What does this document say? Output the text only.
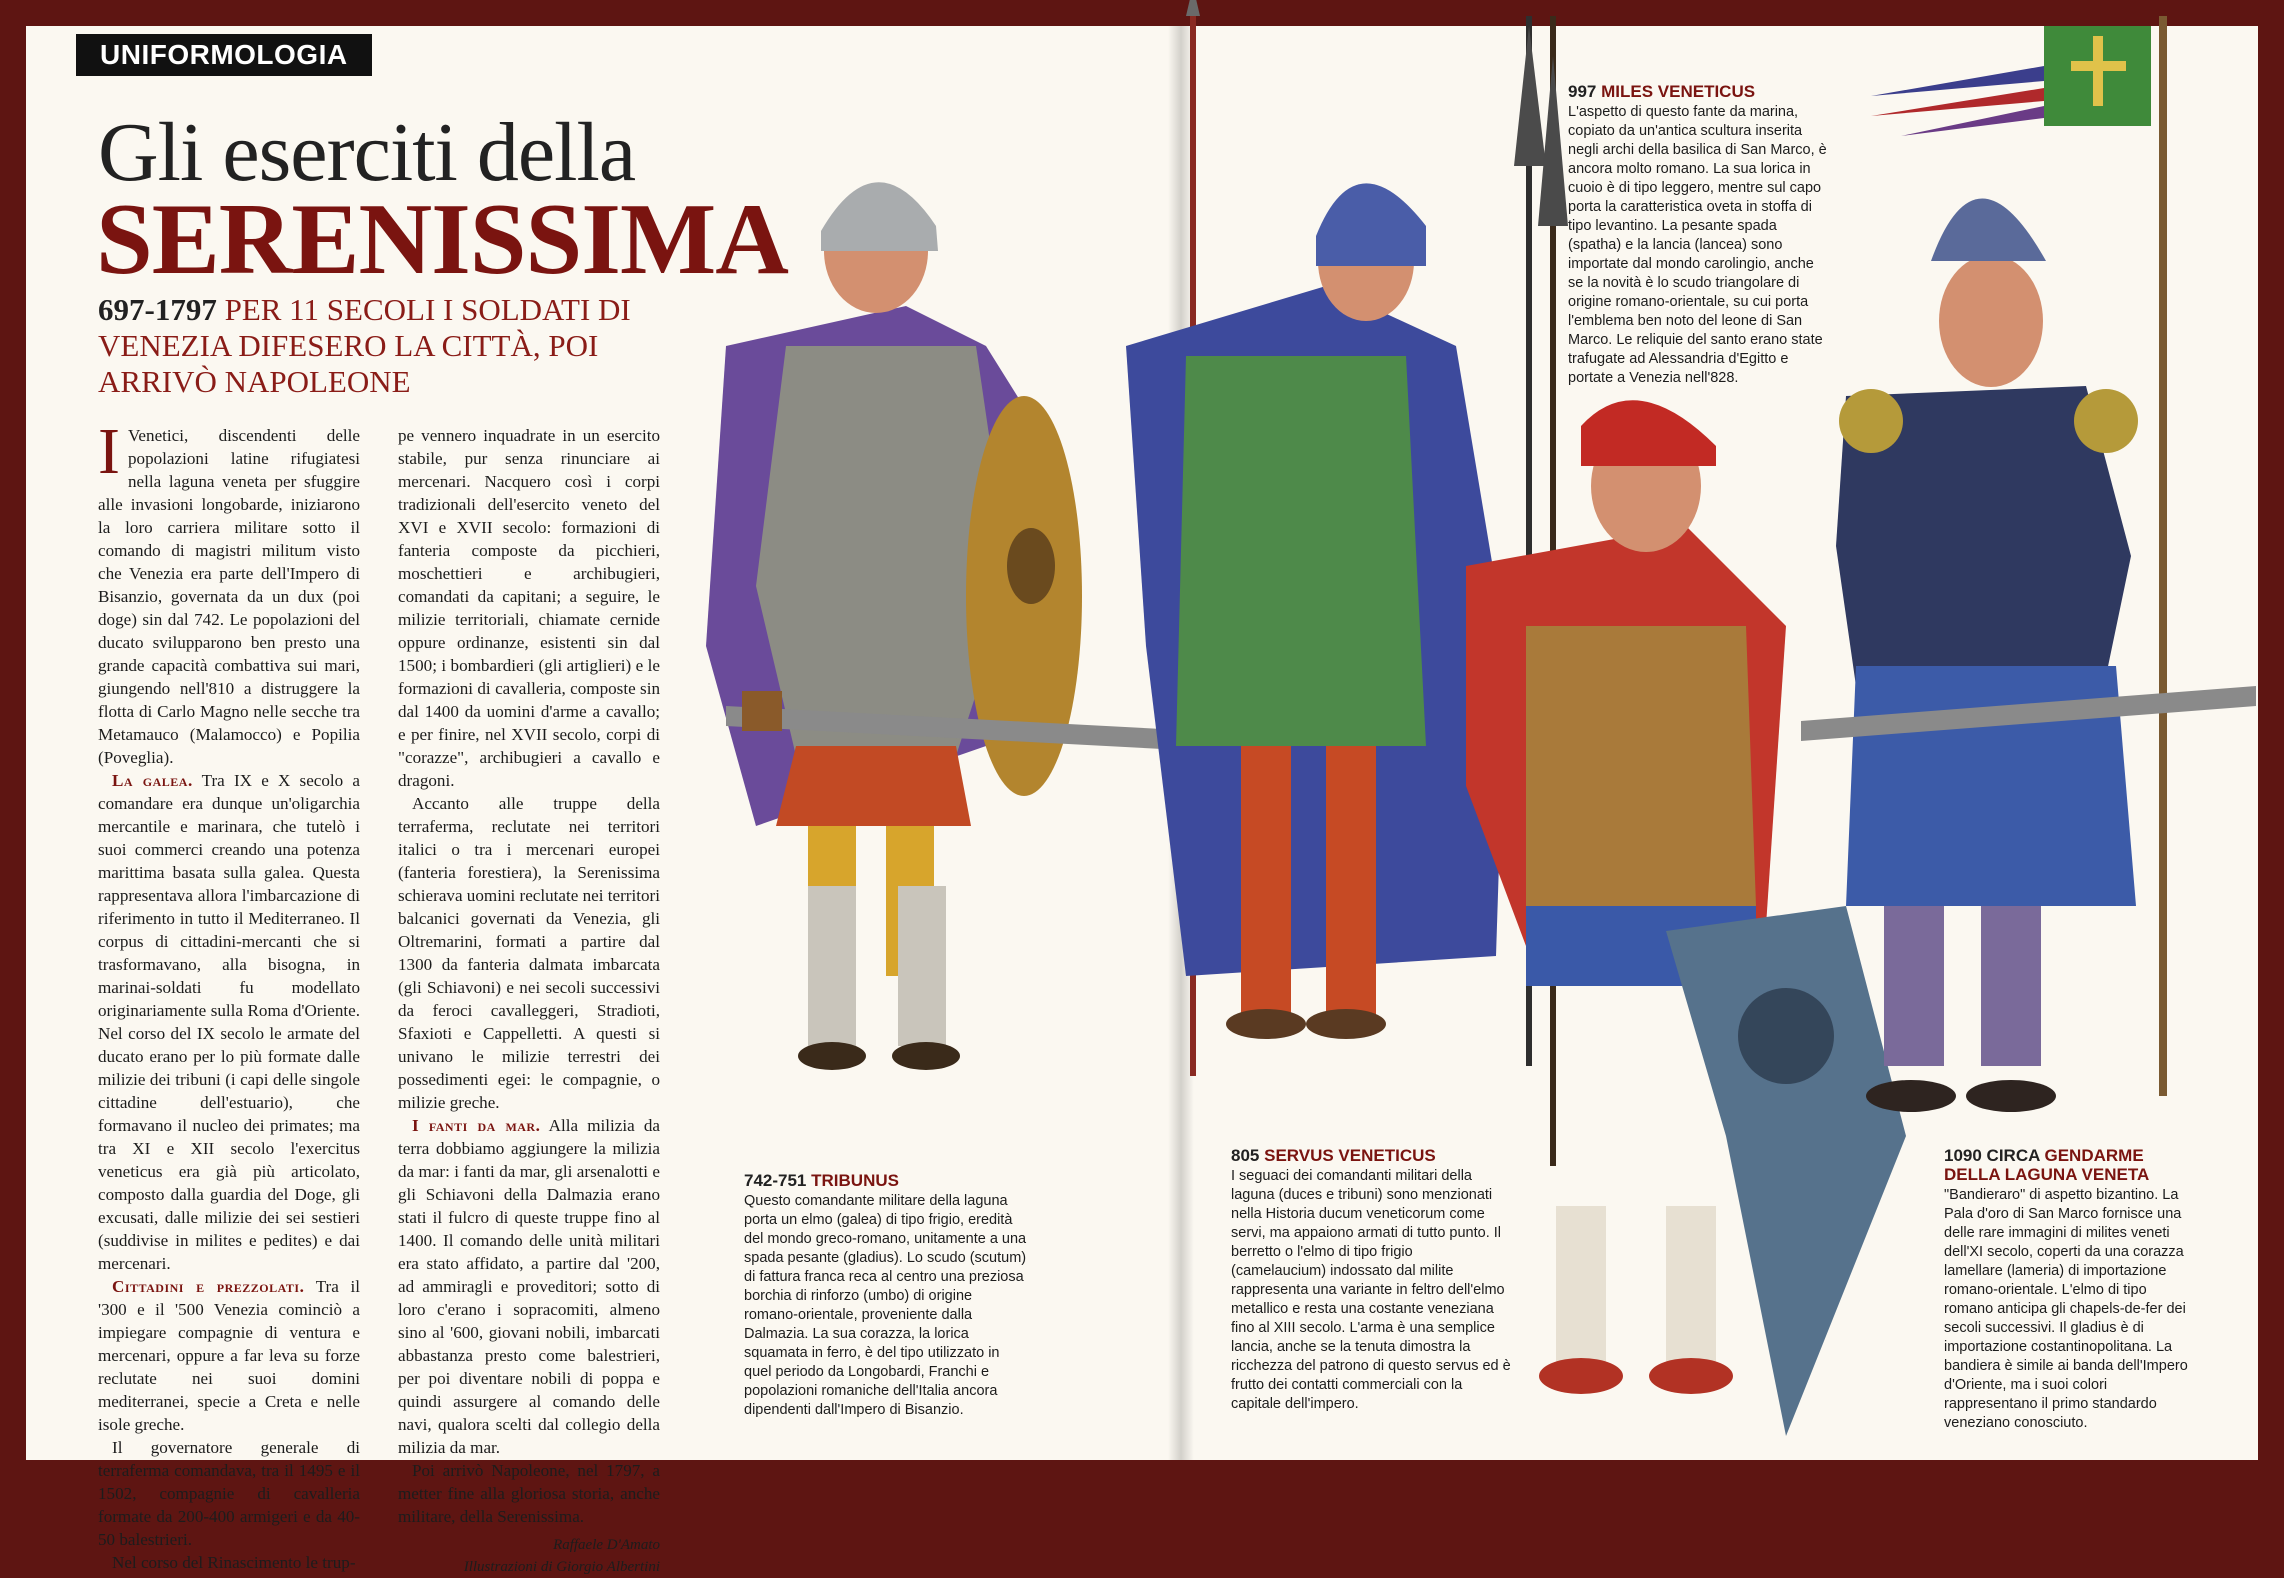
UNIFORMOLOGIA
Gli eserciti della
SERENISSIMA
697-1797 PER 11 SECOLI I SOLDATI DI VENEZIA DIFESERO LA CITTÀ, POI ARRIVÒ NAPOLEONE

I Venetici, discendenti delle popolazioni latine rifugiatesi nella laguna veneta per sfuggire alle invasioni longobarde, iniziarono la loro carriera militare sotto il comando di magistri militum visto che Venezia era parte dell'Impero di Bisanzio, governata da un dux (poi doge) sin dal 742. Le popolazioni del ducato svilupparono ben presto una grande capacità combattiva sui mari, giungendo nell'810 a distruggere la flotta di Carlo Magno nelle secche tra Metamauco (Malamocco) e Popilia (Poveglia).

La galea. Tra IX e X secolo a comandare era dunque un'oligarchia mercantile e marinara, che tutelò i suoi commerci creando una potenza marittima basata sulla galea. Questa rappresentava allora l'imbarcazione di riferimento in tutto il Mediterraneo. Il corpus di cittadini-mercanti che si trasformavano, alla bisogna, in marinai-soldati fu modellato originariamente sulla Roma d'Oriente. Nel corso del IX secolo le armate del ducato erano per lo più formate dalle milizie dei tribuni (i capi delle singole cittadine dell'estuario), che formavano il nucleo dei primates; ma tra XI e XII secolo l'exercitus veneticus era già più articolato, composto dalla guardia del Doge, gli excusati, dalle milizie dei sei sestieri (suddivise in milites e pedites) e dai mercenari.

Cittadini e prezzolati. Tra il '300 e il '500 Venezia cominciò a impiegare compagnie di ventura e mercenari, oppure a far leva su forze reclutate nei suoi domini mediterranei, specie a Creta e nelle isole greche.

Il governatore generale di terraferma comandava, tra il 1495 e il 1502, compagnie di cavalleria formate da 200-400 armigeri e da 40-50 balestrieri.

Nel corso del Rinascimento le trup-

pe vennero inquadrate in un esercito stabile, pur senza rinunciare ai mercenari. Nacquero così i corpi tradizionali dell'esercito veneto del XVI e XVII secolo: formazioni di fanteria composte da picchieri, moschettieri e archibugieri, comandati da capitani; a seguire, le milizie territoriali, chiamate cernide oppure ordinanze, esistenti sin dal 1500; i bombardieri (gli artiglieri) e le formazioni di cavalleria, composte sin dal 1400 da uomini d'arme a cavallo; e per finire, nel XVII secolo, corpi di "corazze", archibugieri a cavallo e dragoni.

Accanto alle truppe della terraferma, reclutate nei territori italici o tra i mercenari europei (fanteria forestiera), la Serenissima schierava uomini reclutate nei territori balcanici governati da Venezia, gli Oltremarini, formati a partire dal 1300 da fanteria dalmata imbarcata (gli Schiavoni) e nei secoli successivi da feroci cavalleggeri, Stradioti, Sfaxioti e Cappelletti. A questi si univano le milizie terrestri dei possedimenti egei: le compagnie, o milizie greche.

I fanti da mar. Alla milizia da terra dobbiamo aggiungere la milizia da mar: i fanti da mar, gli arsenalotti e gli Schiavoni della Dalmazia erano stati il fulcro di queste truppe fino al 1400. Il comando delle unità militari era stato affidato, a partire dal '200, ad ammiragli e proveditori; sotto di loro c'erano i sopracomiti, almeno sino al '600, giovani nobili, imbarcati abbastanza presto come balestrieri, per poi diventare nobili di poppa e quindi assurgere al comando delle navi, qualora scelti dal collegio della milizia da mar.

Poi arrivò Napoleone, nel 1797, a metter fine alla gloriosa storia, anche militare, della Serenissima.

Raffaele D'Amato
Illustrazioni di Giorgio Albertini
742-751 TRIBUNUS
Questo comandante militare della laguna porta un elmo (galea) di tipo frigio, eredità del mondo greco-romano, unitamente a una spada pesante (gladius). Lo scudo (scutum) di fattura franca reca al centro una preziosa borchia di rinforzo (umbo) di origine romano-orientale, proveniente dalla Dalmazia. La sua corazza, la lorica squamata in ferro, è del tipo utilizzato in quel periodo da Longobardi, Franchi e popolazioni romaniche dell'Italia ancora dipendenti dall'Impero di Bisanzio.
997 MILES VENETICUS
L'aspetto di questo fante da marina, copiato da un'antica scultura inserita negli archi della basilica di San Marco, è ancora molto romano. La sua lorica in cuoio è di tipo leggero, mentre sul capo porta la caratteristica oveta in stoffa di tipo levantino. La pesante spada (spatha) e la lancia (lancea) sono importate dal mondo carolingio, anche se la novità è lo scudo triangolare di origine romano-orientale, su cui porta l'emblema ben noto del leone di San Marco. Le reliquie del santo erano state trafugate ad Alessandria d'Egitto e portate a Venezia nell'828.
805 SERVUS VENETICUS
I seguaci dei comandanti militari della laguna (duces e tribuni) sono menzionati nella Historia ducum veneticorum come servi, ma appaiono armati di tutto punto. Il berretto o l'elmo di tipo frigio (camelaucium) indossato dal milite rappresenta una variante in feltro dell'elmo metallico e resta una costante veneziana fino al XIII secolo. L'arma è una semplice lancia, anche se la tenuta dimostra la ricchezza del patrono di questo servus ed è frutto dei contatti commerciali con la capitale dell'impero.
1090 CIRCA GENDARME DELLA LAGUNA VENETA
"Bandieraro" di aspetto bizantino. La Pala d'oro di San Marco fornisce una delle rare immagini di milites veneti dell'XI secolo, coperti da una corazza lamellare (lameria) di importazione romano-orientale. L'elmo di tipo romano anticipa gli chapels-de-fer dei secoli successivi. Il gladius è di importazione costantinopolitana. La bandiera è simile ai banda dell'Impero d'Oriente, ma i suoi colori rappresentano il primo standardo veneziano conosciuto.
